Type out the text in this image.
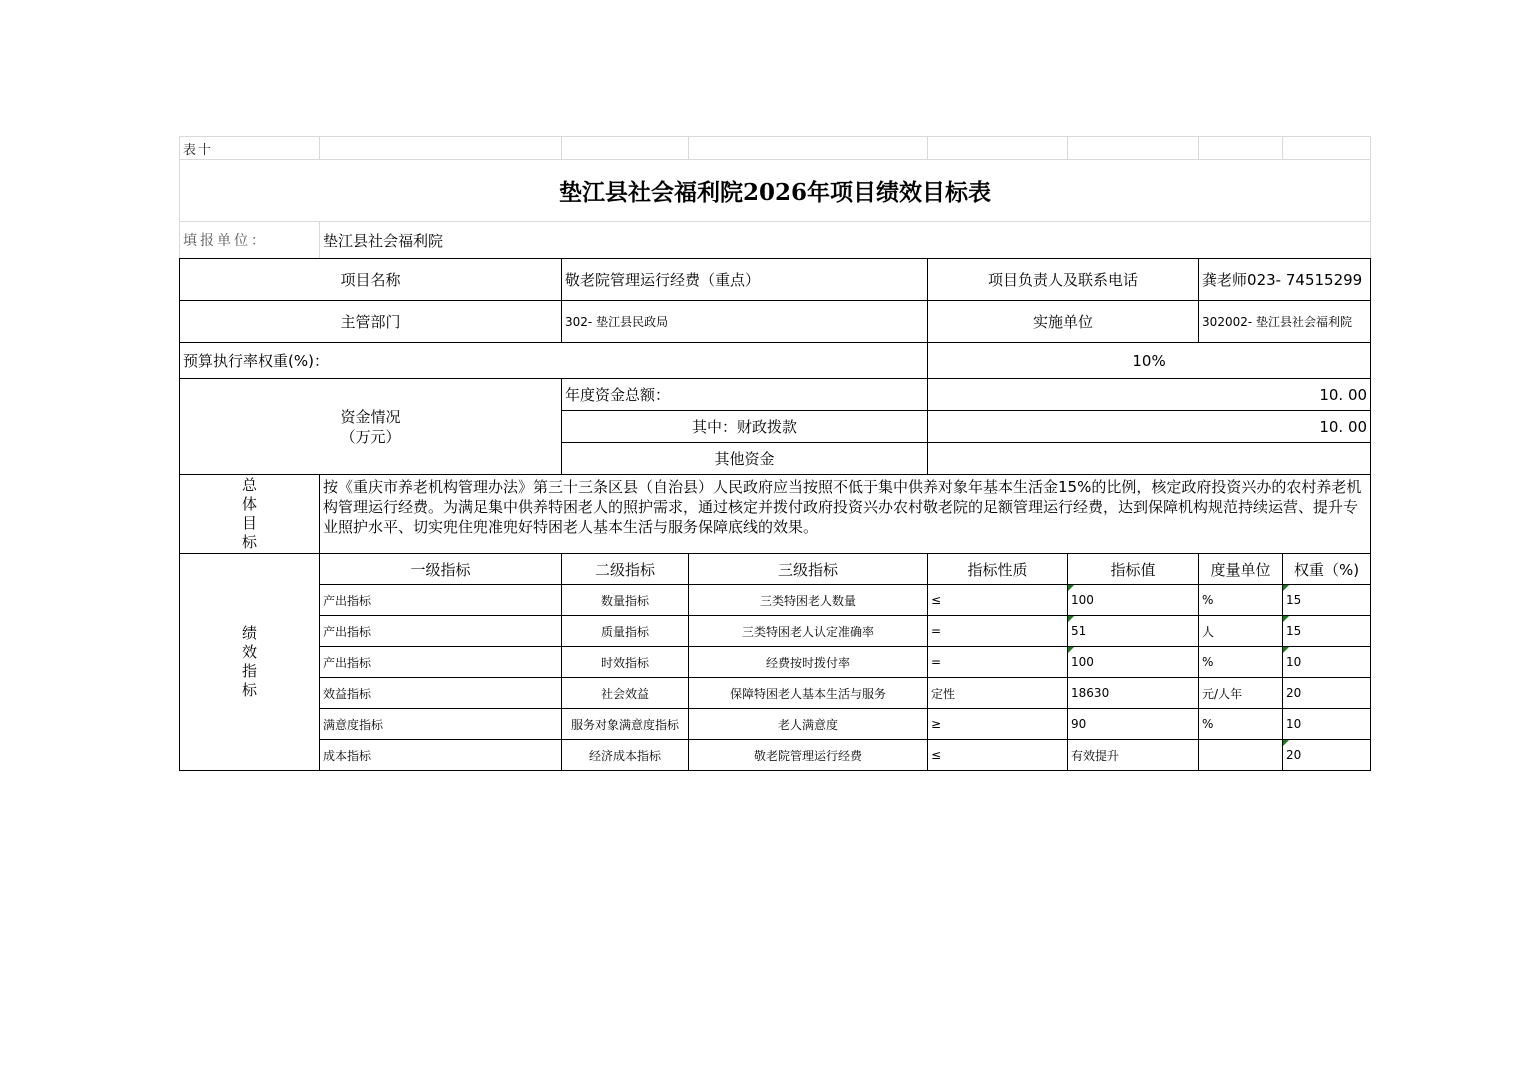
表十							
垫江县社会福利院2026年项目绩效目标表							
填报单位：	垫江县社会福利院						
项目名称		敬老院管理运行经费（重点）		项目负责人及联系电话		龚老师023- 74515299	
主管部门		302- 垫江县民政局		实施单位		302002- 垫江县社会福利院	
预算执行率权重(%)：				10%			
资金情况
（万元）		年度资金总额：		10. 00			
		其中：财政拨款		10. 00			
		其他资金					

总
体
目
标	按《重庆市养老机构管理办法》第三十三条区县（自治县）人民政府应当按照不低于集中供养对象年基本生活金15%的比例，核定政府投资兴办的农村养老机构管理运行经费。为满足集中供养特困老人的照护需求，通过核定并拨付政府投资兴办农村敬老院的足额管理运行经费，达到保障机构规范持续运营、提升专业照护水平、切实兜住兜准兜好特困老人基本生活与服务保障底线的效果。						

绩
效
指
标	一级指标	二级指标	三级指标	指标性质	指标值	度量单位	权重（%)
	产出指标	数量指标	三类特困老人数量	≤	100	%	15
	产出指标	质量指标	三类特困老人认定准确率	=	51	人	15
	产出指标	时效指标	经费按时拨付率	=	100	%	10
	效益指标	社会效益	保障特困老人基本生活与服务	定性	18630	元/人年	20
	满意度指标	服务对象满意度指标	老人满意度	≥	90	%	10
	成本指标	经济成本指标	敬老院管理运行经费	≤	有效提升		20
